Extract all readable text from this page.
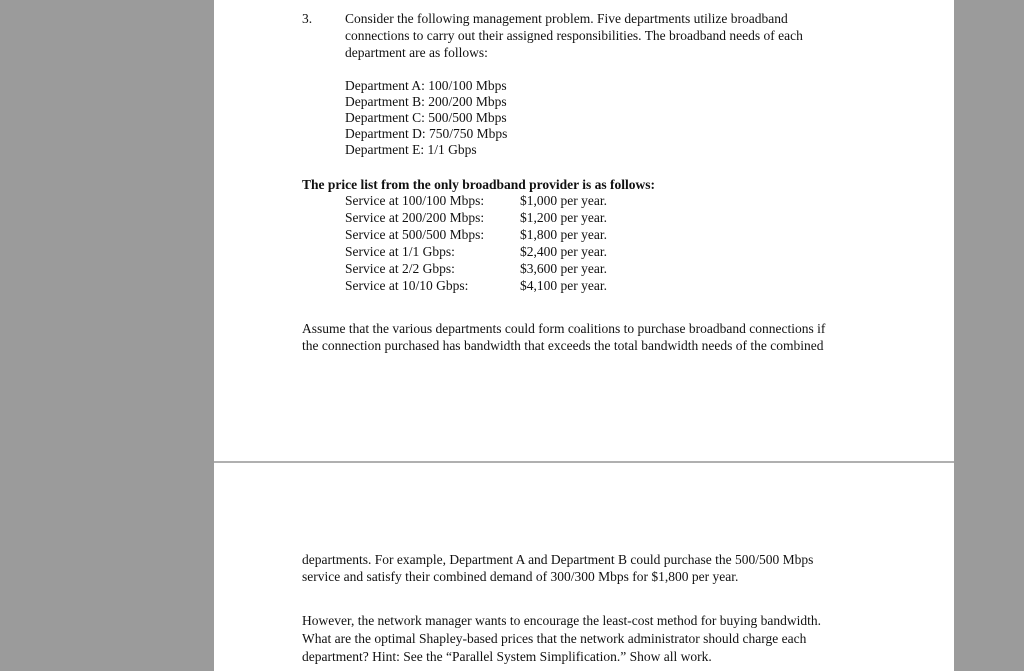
3. Consider the following management problem. Five departments utilize broadband
connections to carry out their assigned responsibilities. The broadband needs of each
department are as follows:
Department A: 100/100 Mbps
Department B: 200/200 Mbps
Department C: 500/500 Mbps
Department D: 750/750 Mbps
Department E: 1/1 Gbps
The price list from the only broadband provider is as follows:
Service at 100/100 Mbps:	$1,000 per year.
Service at 200/200 Mbps:	$1,200 per year.
Service at 500/500 Mbps:	$1,800 per year.
Service at 1/1 Gbps:	$2,400 per year.
Service at 2/2 Gbps:	$3,600 per year.
Service at 10/10 Gbps:	$4,100 per year.
Assume that the various departments could form coalitions to purchase broadband connections if
the connection purchased has bandwidth that exceeds the total bandwidth needs of the combined
departments. For example, Department A and Department B could purchase the 500/500 Mbps
service and satisfy their combined demand of 300/300 Mbps for $1,800 per year.
However, the network manager wants to encourage the least-cost method for buying bandwidth.
What are the optimal Shapley-based prices that the network administrator should charge each
department? Hint: See the “Parallel System Simplification.” Show all work.
